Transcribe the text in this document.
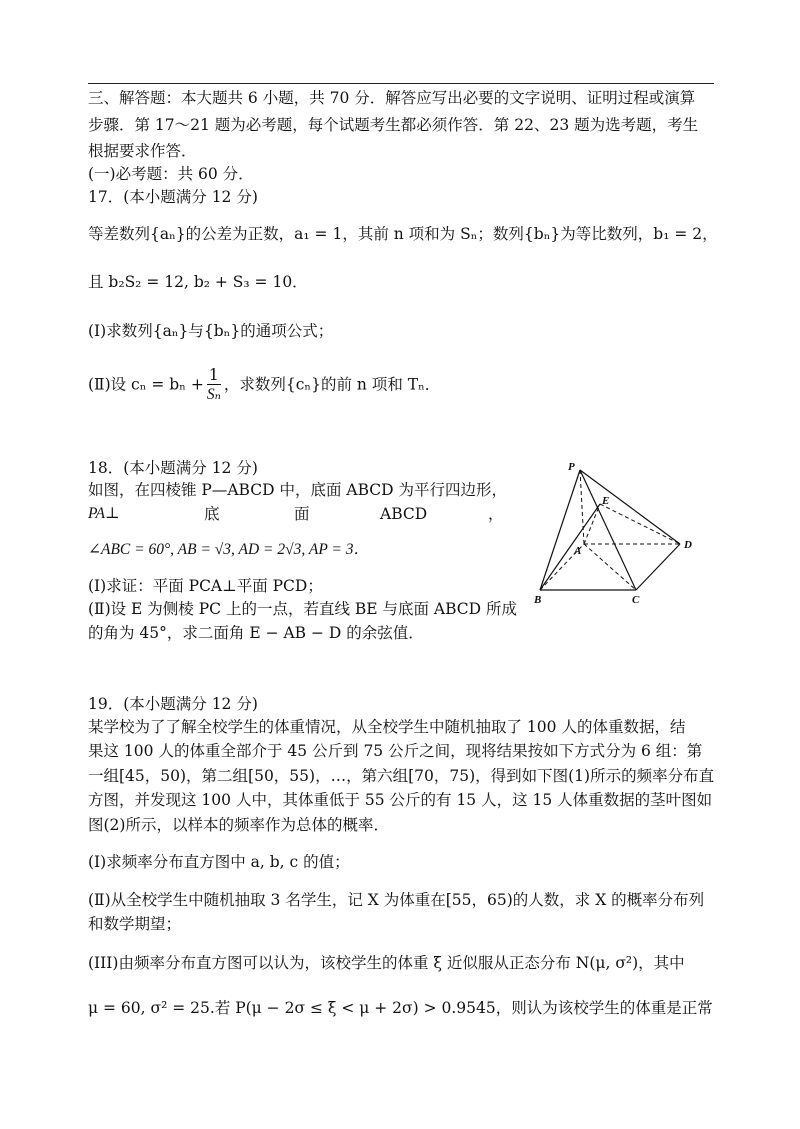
三、解答题：本大题共 6 小题，共 70 分．解答应写出必要的文字说明、证明过程或演算
步骤．第 17～21 题为必考题，每个试题考生都必须作答．第 22、23 题为选考题，考生
根据要求作答．
(一)必考题：共 60 分．
17．(本小题满分 12 分)
等差数列{aₙ}的公差为正数，a₁ = 1，其前 n 项和为 Sₙ；数列{bₙ}为等比数列，b₁ = 2，
且 b₂S₂ = 12, b₂ + S₃ = 10．
(I)求数列{aₙ}与{bₙ}的通项公式；
(Ⅱ)设 $c_n = b_n + \frac{1}{\text{Sₙ}}$ ，求数列{cₙ}的前 n 项和 Tₙ．
18．(本小题满分 12 分)
如图，在四棱锥 P—ABCD 中，底面 ABCD 为平行四边形，
PA⊥	底	面	ABCD	，
∠ABC = 60°, AB = √3, AD = 2√3, AP = 3．
(I)求证：平面 PCA⊥平面 PCD；
(Ⅱ)设 E 为侧棱 PC 上的一点，若直线 BE 与底面 ABCD 所成
的角为 45°，求二面角 E − AB − D 的余弦值．
P
E
A	D
B	C
19．(本小题满分 12 分)
某学校为了了解全校学生的体重情况，从全校学生中随机抽取了 100 人的体重数据，结
果这 100 人的体重全部介于 45 公斤到 75 公斤之间，现将结果按如下方式分为 6 组：第
一组[45，50)，第二组[50，55)，…，第六组[70，75)，得到如下图(1)所示的频率分布直
方图，并发现这 100 人中，其体重低于 55 公斤的有 15 人，这 15 人体重数据的茎叶图如
图(2)所示，以样本的频率作为总体的概率．
(I)求频率分布直方图中 a, b, c 的值；
(Ⅱ)从全校学生中随机抽取 3 名学生，记 X 为体重在[55，65)的人数，求 X 的概率分布列
和数学期望；
(III)由频率分布直方图可以认为，该校学生的体重 ξ 近似服从正态分布 N(μ, σ²)，其中
μ = 60, σ² = 25.若 P(μ − 2σ ≤ ξ < μ + 2σ) > 0.9545，则认为该校学生的体重是正常
